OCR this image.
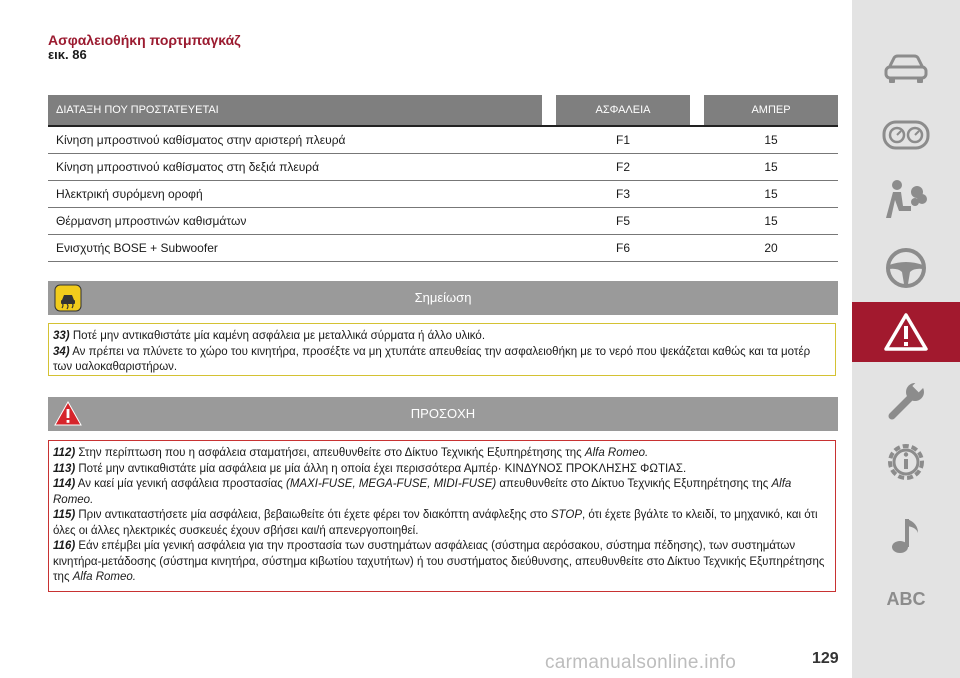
Ασφαλειοθήκη πορτμπαγκάζ
εικ. 86
ΔΙΑΤΑΞΗ ΠΟΥ ΠΡΟΣΤΑΤΕΥΕΤΑΙ		ΑΣΦΑΛΕΙΑ		ΑΜΠΕΡ
Κίνηση μπροστινού καθίσματος στην αριστερή πλευρά		F1		15
Κίνηση μπροστινού καθίσματος στη δεξιά πλευρά		F2		15
Ηλεκτρική συρόμενη οροφή		F3		15
Θέρμανση μπροστινών καθισμάτων		F5		15
Ενισχυτής BOSE + Subwoofer		F6		20
Σημείωση

33) Ποτέ μην αντικαθιστάτε μία καμένη ασφάλεια με μεταλλικά σύρματα ή άλλο υλικό.

34) Αν πρέπει να πλύνετε το χώρο του κινητήρα, προσέξτε να μη χτυπάτε απευθείας την ασφαλειοθήκη με το νερό που ψεκάζεται καθώς και τα μοτέρ των υαλοκαθαριστήρων.

ΠΡΟΣΟΧΗ

112) Στην περίπτωση που η ασφάλεια σταματήσει, απευθυνθείτε στο Δίκτυο Τεχνικής Εξυπηρέτησης της Alfa Romeo.

113) Ποτέ μην αντικαθιστάτε μία ασφάλεια με μία άλλη η οποία έχει περισσότερα Αμπέρ· ΚΙΝΔΥΝΟΣ ΠΡΟΚΛΗΣΗΣ ΦΩΤΙΑΣ.

114) Αν καεί μία γενική ασφάλεια προστασίας (MAXI-FUSE, MEGA-FUSE, MIDI-FUSE) απευθυνθείτε στο Δίκτυο Τεχνικής Εξυπηρέτησης της Alfa Romeo.

115) Πριν αντικαταστήσετε μία ασφάλεια, βεβαιωθείτε ότι έχετε φέρει τον διακόπτη ανάφλεξης στο STOP, ότι έχετε βγάλτε το κλειδί, το μηχανικό, και ότι όλες οι άλλες ηλεκτρικές συσκευές έχουν σβήσει και/ή απενεργοποιηθεί.

116) Εάν επέμβει μία γενική ασφάλεια για την προστασία των συστημάτων ασφάλειας (σύστημα αερόσακου, σύστημα πέδησης), των συστημάτων κινητήρα-μετάδοσης (σύστημα κινητήρα, σύστημα κιβωτίου ταχυτήτων) ή του συστήματος διεύθυνσης, απευθυνθείτε στο Δίκτυο Τεχνικής Εξυπηρέτησης της Alfa Romeo.

carmanualsonline.info	129
ABC
